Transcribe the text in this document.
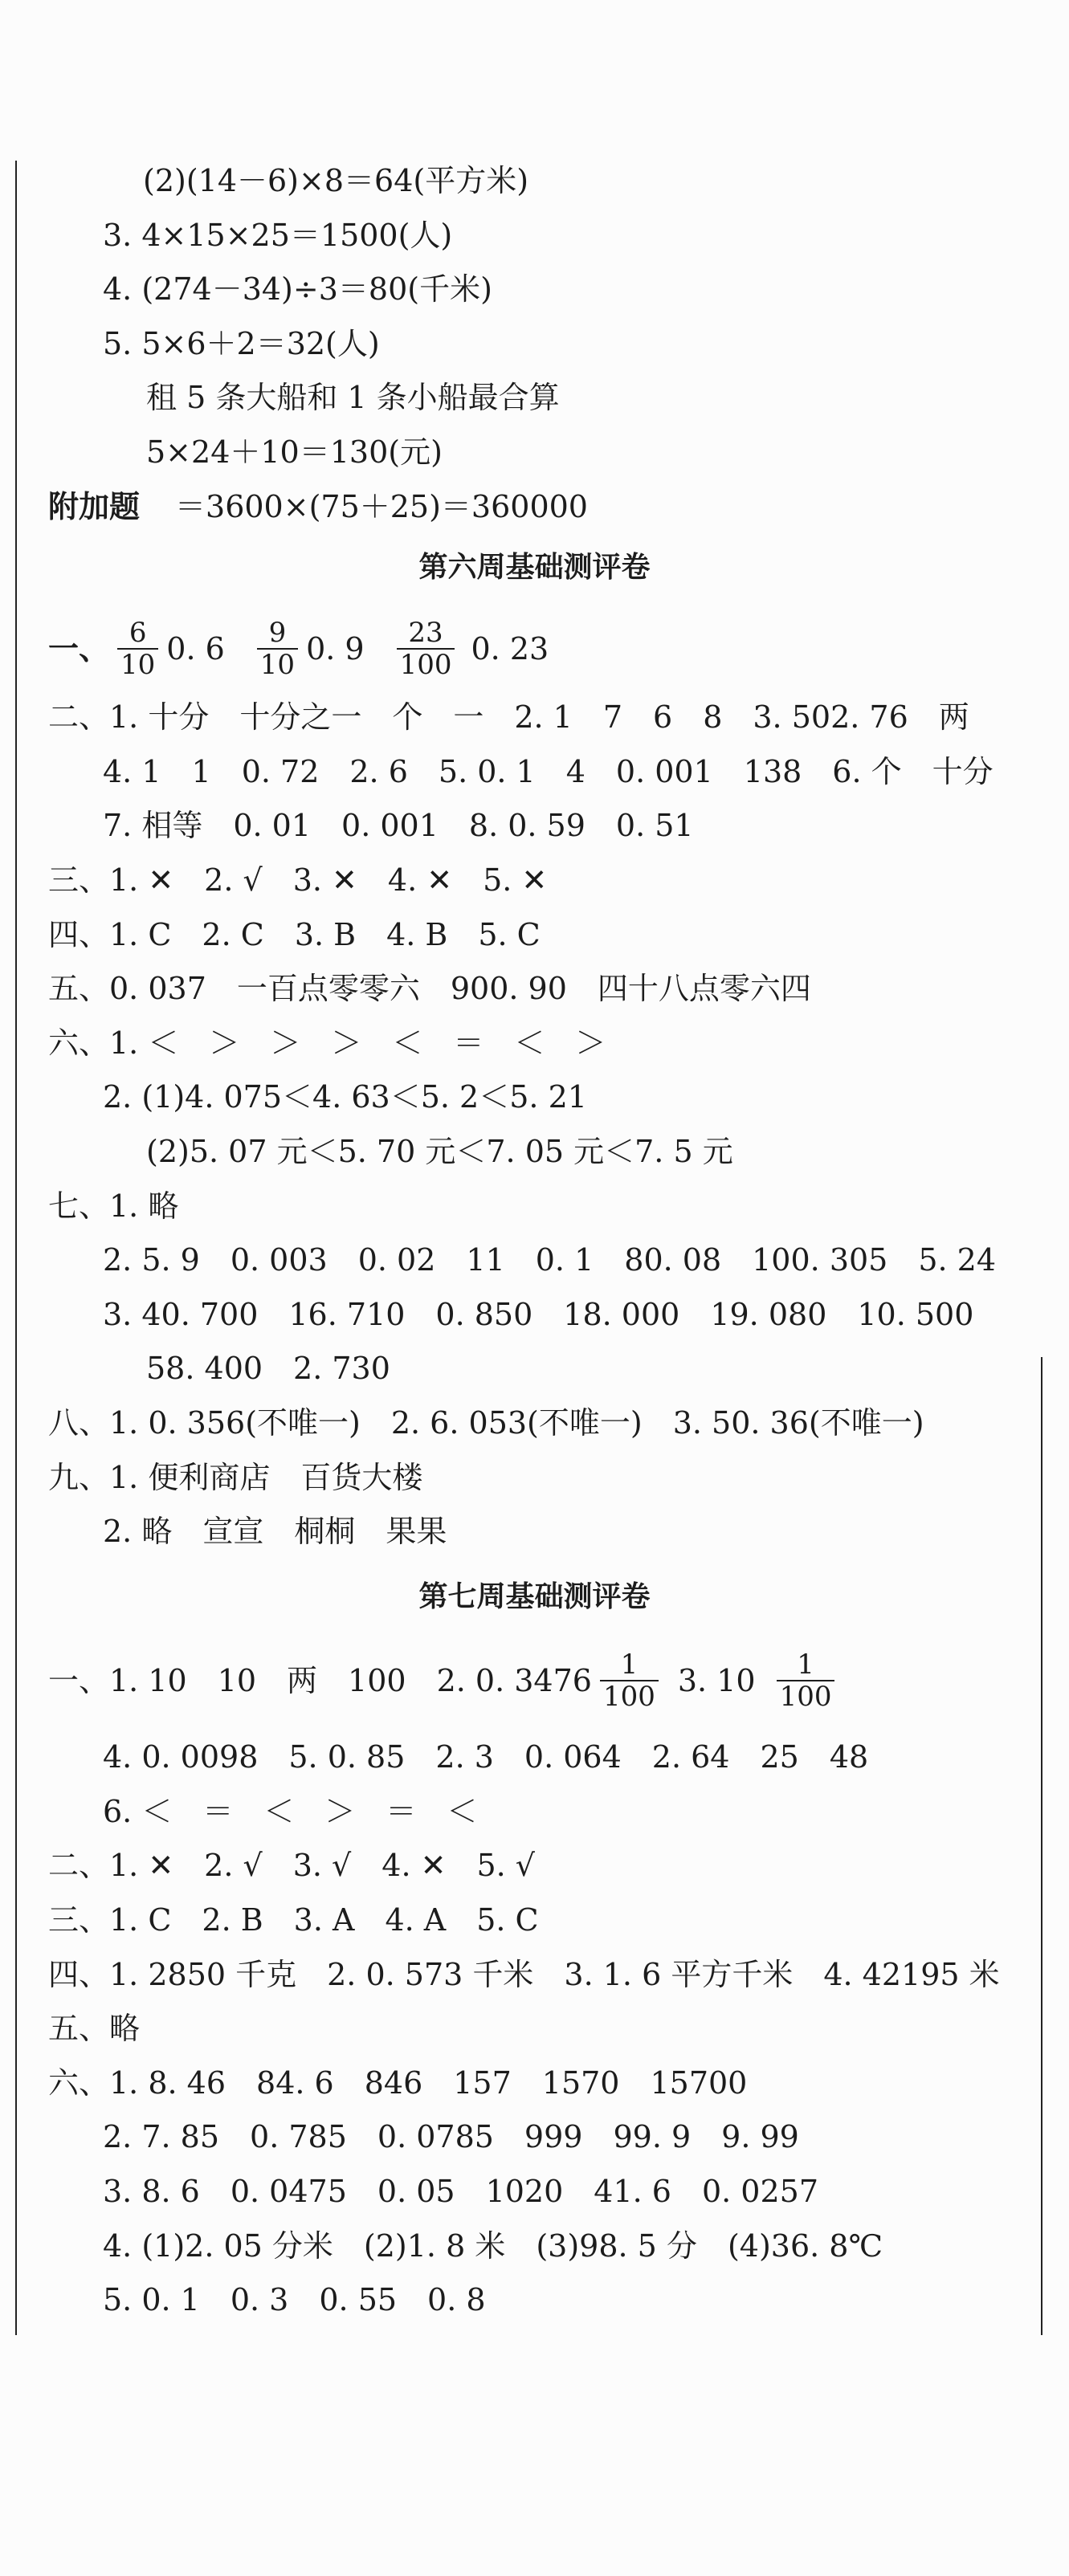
(2)(14－6)×8＝64(平方米)
3. 4×15×25＝1500(人)
4. (274－34)÷3＝80(千米)
5. 5×6＋2＝32(人)
租 5 条大船和 1 条小船最合算
5×24＋10＝130(元)
附加题 ＝3600×(75＋25)＝360000
第六周基础测评卷
一、 $\frac{6}{10} 0$. $6 \frac{9}{10} 0$. $9 \frac{23}{100} 0$. 23
二、1. 十分　十分之一　个　一　2. 1　7　6　8　3. 502. 76　两
4. 1　1　0. 72　2. 6　5. 0. 1　4　0. 001　138　6. 个　十分
7. 相等　0. 01　0. 001　8. 0. 59　0. 51
三、1. ✕　2. √　3. ✕　4. ✕　5. ✕
四、1. C　2. C　3. B　4. B　5. C
五、0. 037　一百点零零六　900. 90　四十八点零六四
六、1. ＜　＞　＞　＞　＜　＝　＜　＞
2. (1)4. 075＜4. 63＜5. 2＜5. 21
(2)5. 07 元＜5. 70 元＜7. 05 元＜7. 5 元
七、1. 略
2. 5. 9　0. 003　0. 02　11　0. 1　80. 08　100. 305　5. 24
3. 40. 700　16. 710　0. 850　18. 000　19. 080　10. 500
58. 400　2. 730
八、1. 0. 356(不唯一)　2. 6. 053(不唯一)　3. 50. 36(不唯一)
九、1. 便利商店　百货大楼
2. 略　宣宣　桐桐　果果
第七周基础测评卷
一、1. 10　10　两　100　2. 0. $3476 \frac{1}{100} 3$. $10 \frac{1}{100}$
4. 0. 0098　5. 0. 85　2. 3　0. 064　2. 64　25　48
6. ＜　＝　＜　＞　＝　＜
二、1. ✕　2. √　3. √　4. ✕　5. √
三、1. C　2. B　3. A　4. A　5. C
四、1. 2850 千克　2. 0. 573 千米　3. 1. 6 平方千米　4. 42195 米
五、略
六、1. 8. 46　84. 6　846　157　1570　15700
2. 7. 85　0. 785　0. 0785　999　99. 9　9. 99
3. 8. 6　0. 0475　0. 05　1020　41. 6　0. 0257
4. (1)2. 05 分米　(2)1. 8 米　(3)98. 5 分　(4)36. 8℃
5. 0. 1　0. 3　0. 55　0. 8
